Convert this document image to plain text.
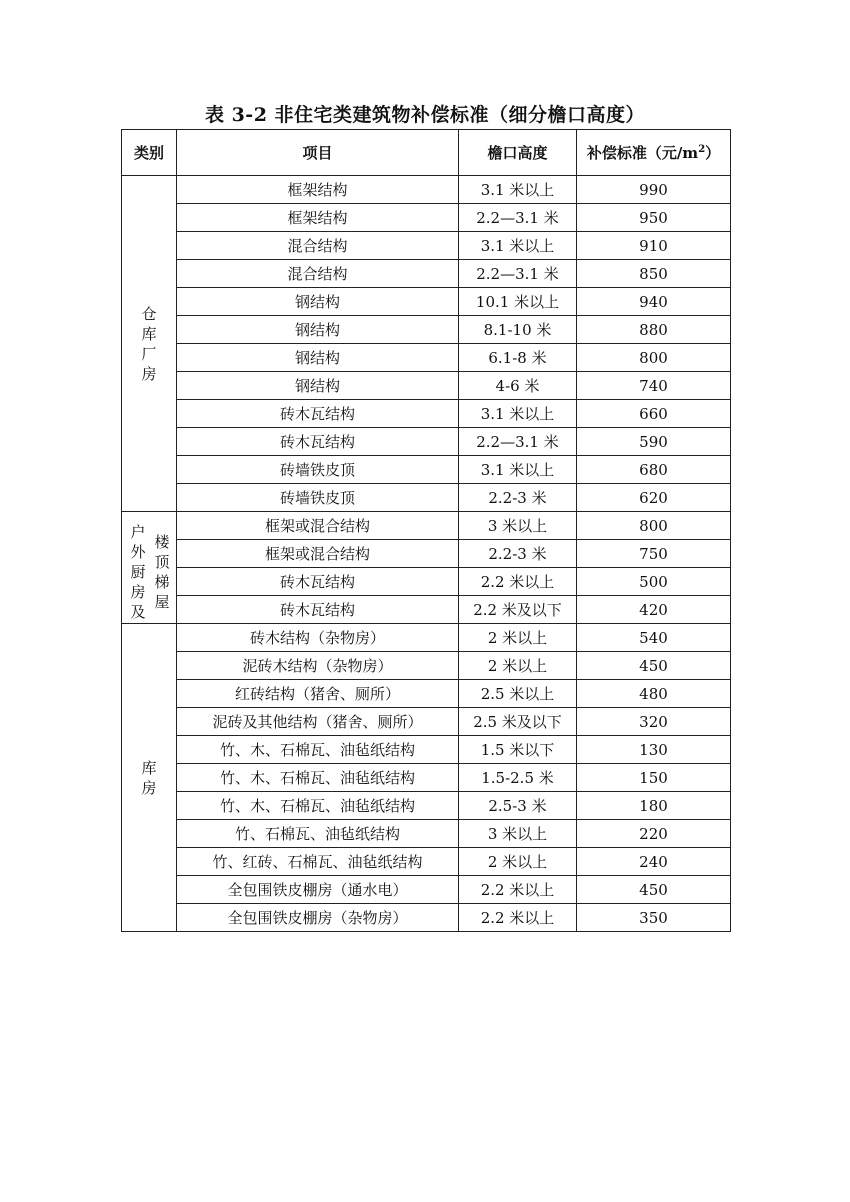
表 3-2 非住宅类建筑物补偿标准（细分檐口高度）
类别	项目	檐口高度	补偿标准（元$/m^2$）
仓库厂房	框架结构	3.1 米以上	990
	框架结构	2.2—3.1 米	950
	混合结构	3.1 米以上	910
	混合结构	2.2—3.1 米	850
	钢结构	10.1 米以上	940
	钢结构	8.1-10 米	880
	钢结构	6.1-8 米	800
	钢结构	4-6 米	740
	砖木瓦结构	3.1 米以上	660
	砖木瓦结构	2.2—3.1 米	590
	砖墙铁皮顶	3.1 米以上	680
	砖墙铁皮顶	2.2-3 米	620

户外厨房及
楼顶梯屋	框架或混合结构	3 米以上	800
	框架或混合结构	2.2-3 米	750
	砖木瓦结构	2.2 米以上	500
	砖木瓦结构	2.2 米及以下	420
库房	砖木结构（杂物房）	2 米以上	540
	泥砖木结构（杂物房）	2 米以上	450
	红砖结构（猪舍、厕所）	2.5 米以上	480
	泥砖及其他结构（猪舍、厕所）	2.5 米及以下	320
	竹、木、石棉瓦、油毡纸结构	1.5 米以下	130
	竹、木、石棉瓦、油毡纸结构	1.5-2.5 米	150
	竹、木、石棉瓦、油毡纸结构	2.5-3 米	180
	竹、石棉瓦、油毡纸结构	3 米以上	220
	竹、红砖、石棉瓦、油毡纸结构	2 米以上	240
	全包围铁皮棚房（通水电）	2.2 米以上	450
	全包围铁皮棚房（杂物房）	2.2 米以上	350
